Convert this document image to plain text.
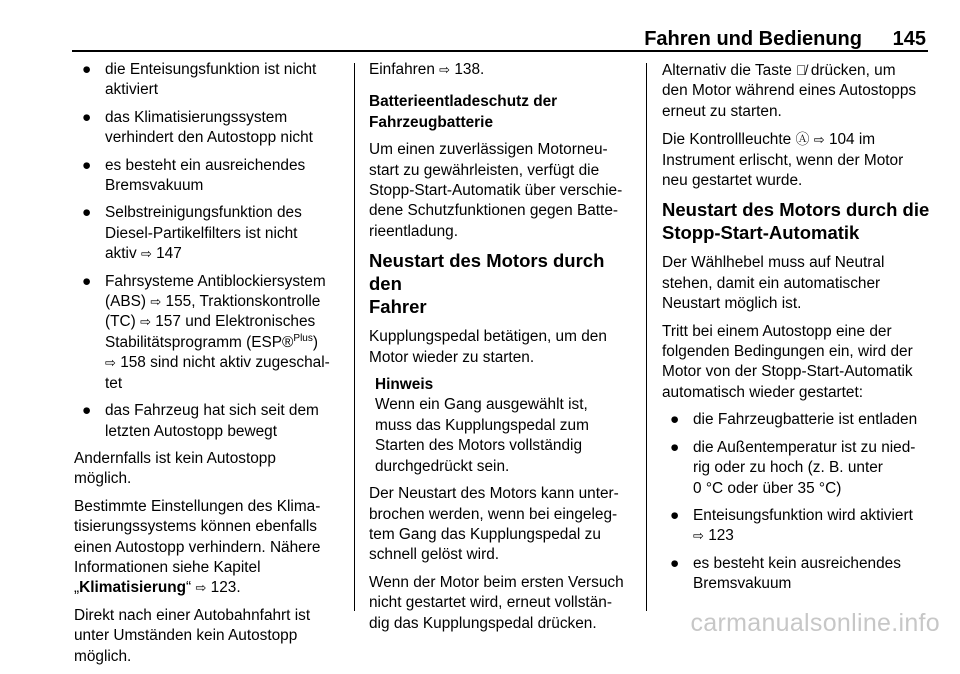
Fahren und Bedienung 145
● die Enteisungsfunktion ist nicht
aktiviert
● das Klimatisierungssystem
verhindert den Autostopp nicht
● es besteht ein ausreichendes
Bremsvakuum
● Selbstreinigungsfunktion des
Diesel-Partikelfilters ist nicht
aktiv ⇨ 147
● Fahrsysteme Antiblockiersystem
(ABS) ⇨ 155, Traktionskontrolle
(TC) ⇨ 157 und Elektronisches
Stabilitätsprogramm (ESP®$^{Plus}$)
⇨ 158 sind nicht aktiv zugeschal-
tet
● das Fahrzeug hat sich seit dem
letzten Autostopp bewegt

Andernfalls ist kein Autostopp
möglich.

Bestimmte Einstellungen des Klima-
tisierungssystems können ebenfalls
einen Autostopp verhindern. Nähere
Informationen siehe Kapitel
„Klimatisierung“ ⇨ 123.

Direkt nach einer Autobahnfahrt ist
unter Umständen kein Autostopp
möglich.

Einfahren ⇨ 138.

Batterieentladeschutz der
Fahrzeugbatterie

Um einen zuverlässigen Motorneu-
start zu gewährleisten, verfügt die
Stopp-Start-Automatik über verschie-
dene Schutzfunktionen gegen Batte-
rieentladung.

Neustart des Motors durch den
Fahrer

Kupplungspedal betätigen, um den
Motor wieder zu starten.

Hinweis
Wenn ein Gang ausgewählt ist,
muss das Kupplungspedal zum
Starten des Motors vollständig
durchgedrückt sein.

Der Neustart des Motors kann unter-
brochen werden, wenn bei eingeleg-
tem Gang das Kupplungspedal zu
schnell gelöst wird.

Wenn der Motor beim ersten Versuch
nicht gestartet wird, erneut vollstän-
dig das Kupplungspedal drücken.

Alternativ die Taste Ⓐ̸ drücken, um
den Motor während eines Autostopps
erneut zu starten.

Die Kontrollleuchte Ⓐ ⇨ 104 im
Instrument erlischt, wenn der Motor
neu gestartet wurde.

Neustart des Motors durch die
Stopp-Start-Automatik

Der Wählhebel muss auf Neutral
stehen, damit ein automatischer
Neustart möglich ist.

Tritt bei einem Autostopp eine der
folgenden Bedingungen ein, wird der
Motor von der Stopp-Start-Automatik
automatisch wieder gestartet:

● die Fahrzeugbatterie ist entladen
● die Außentemperatur ist zu nied-
rig oder zu hoch (z. B. unter
0 °C oder über 35 °C)
● Enteisungsfunktion wird aktiviert
⇨ 123
● es besteht kein ausreichendes
Bremsvakuum
carmanualsonline.info
